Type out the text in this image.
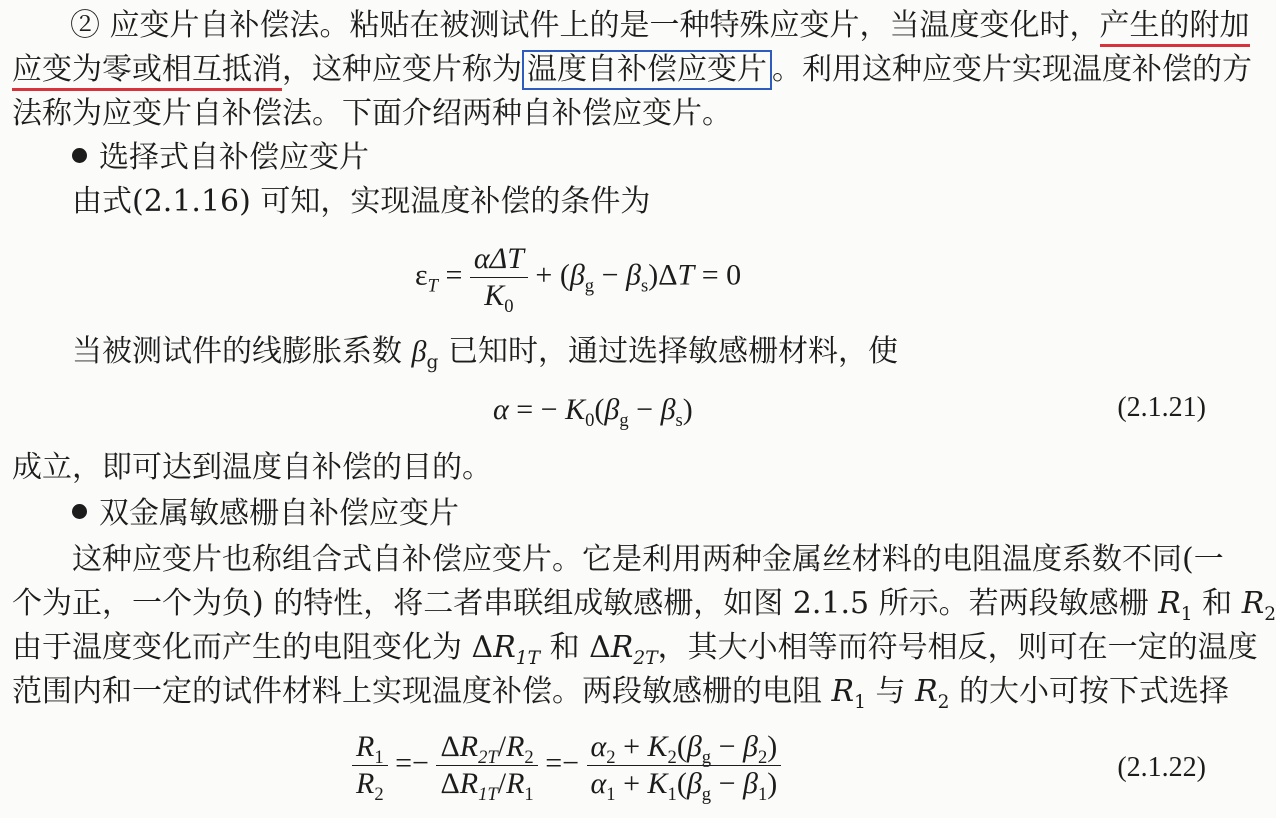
② 应变片自补偿法。粘贴在被测试件上的是一种特殊应变片，当温度变化时，产生的附加
应变为零或相互抵消，这种应变片称为 温度自补偿应变片 。利用这种应变片实现温度补偿的方
法称为应变片自补偿法。下面介绍两种自补偿应变片。
选择式自补偿应变片
由式(2.1.16) 可知，实现温度补偿的条件为
$\varepsilon_T = \frac{\text{αΔT}}{K_0} + (\beta_g - \beta_s)\Delta T = 0$
当被测试件的线膨胀系数 $\beta_g$ 已知时，通过选择敏感栅材料，使
α = − $K_0(\beta_g - \beta_s)$	(2.1.21)
成立，即可达到温度自补偿的目的。
双金属敏感栅自补偿应变片
这种应变片也称组合式自补偿应变片。它是利用两种金属丝材料的电阻温度系数不同(一
个为正，一个为负) 的特性，将二者串联组成敏感栅，如图 2.1.5 所示。若两段敏感栅 $R_1$ 和 $R_2$
由于温度变化而产生的电阻变化为 $\Delta R_{1T}$ 和 $\Delta R_{2T}$，其大小相等而符号相反，则可在一定的温度
范围内和一定的试件材料上实现温度补偿。两段敏感栅的电阻 $R_1$ 与 $R_2$ 的大小可按下式选择
$\frac{R_1}{R_2} =- \frac{\Delta R_{2T}/R_2}{\Delta R_{1T}/R_1} =- \frac{\alpha_2 + K_2(\beta_g - \beta_2)}{\alpha_1 + K_1(\beta_g - \beta_1)}$	(2.1.22)
